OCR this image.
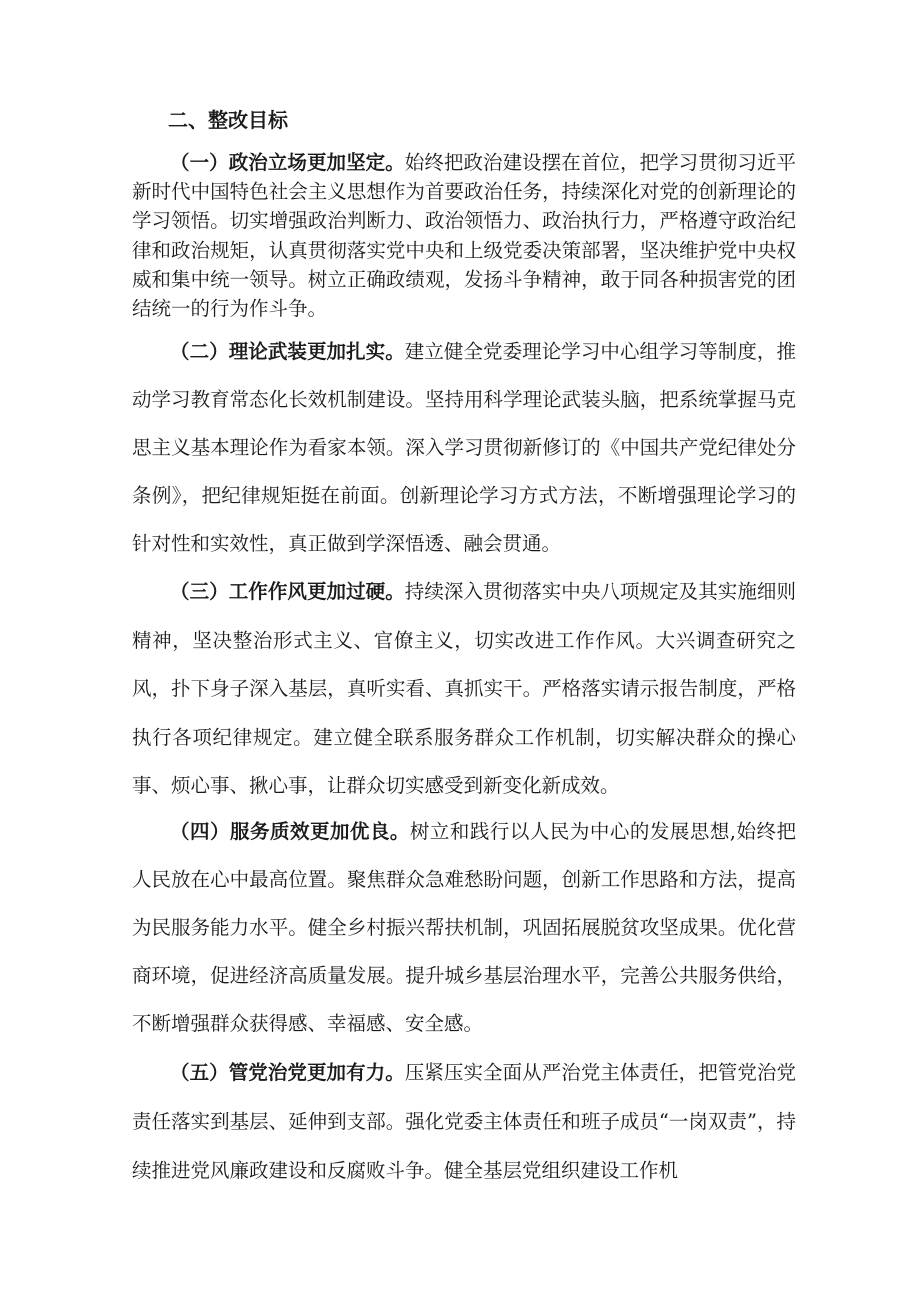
二、整改目标

（一）政治立场更加坚定。始终把政治建设摆在首位，把学习贯彻习近平新时代中国特色社会主义思想作为首要政治任务，持续深化对党的创新理论的学习领悟。切实增强政治判断力、政治领悟力、政治执行力，严格遵守政治纪律和政治规矩，认真贯彻落实党中央和上级党委决策部署，坚决维护党中央权威和集中统一领导。树立正确政绩观，发扬斗争精神，敢于同各种损害党的团结统一的行为作斗争。

（二）理论武装更加扎实。建立健全党委理论学习中心组学习等制度，推动学习教育常态化长效机制建设。坚持用科学理论武装头脑，把系统掌握马克思主义基本理论作为看家本领。深入学习贯彻新修订的《中国共产党纪律处分条例》，把纪律规矩挺在前面。创新理论学习方式方法，不断增强理论学习的针对性和实效性，真正做到学深悟透、融会贯通。

（三）工作作风更加过硬。持续深入贯彻落实中央八项规定及其实施细则精神，坚决整治形式主义、官僚主义，切实改进工作作风。大兴调查研究之风，扑下身子深入基层，真听实看、真抓实干。严格落实请示报告制度，严格执行各项纪律规定。建立健全联系服务群众工作机制，切实解决群众的操心事、烦心事、揪心事，让群众切实感受到新变化新成效。

（四）服务质效更加优良。树立和践行以人民为中心的发展思想,始终把人民放在心中最高位置。聚焦群众急难愁盼问题，创新工作思路和方法，提高为民服务能力水平。健全乡村振兴帮扶机制，巩固拓展脱贫攻坚成果。优化营商环境，促进经济高质量发展。提升城乡基层治理水平，完善公共服务供给，不断增强群众获得感、幸福感、安全感。

（五）管党治党更加有力。压紧压实全面从严治党主体责任，把管党治党责任落实到基层、延伸到支部。强化党委主体责任和班子成员“一岗双责”，持续推进党风廉政建设和反腐败斗争。健全基层党组织建设工作机
